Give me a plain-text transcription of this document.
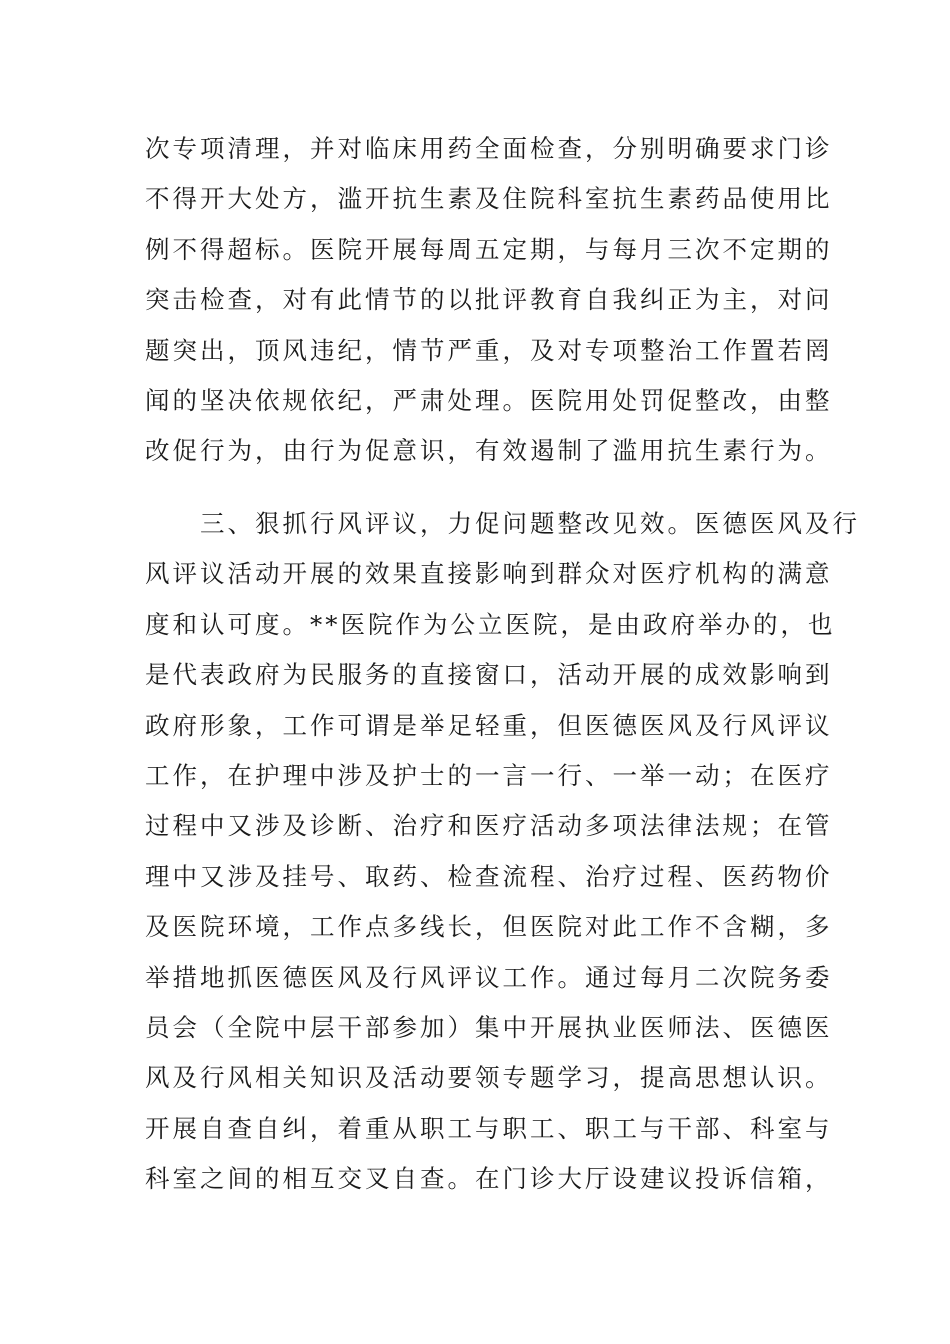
次专项清理，并对临床用药全面检查，分别明确要求门诊
不得开大处方，滥开抗生素及住院科室抗生素药品使用比
例不得超标。医院开展每周五定期，与每月三次不定期的
突击检查，对有此情节的以批评教育自我纠正为主，对问
题突出，顶风违纪，情节严重，及对专项整治工作置若罔
闻的坚决依规依纪，严肃处理。医院用处罚促整改，由整
改促行为，由行为促意识，有效遏制了滥用抗生素行为。
　　三、狠抓行风评议，力促问题整改见效。医德医风及行
风评议活动开展的效果直接影响到群众对医疗机构的满意
度和认可度。**医院作为公立医院，是由政府举办的，也
是代表政府为民服务的直接窗口，活动开展的成效影响到
政府形象，工作可谓是举足轻重，但医德医风及行风评议
工作，在护理中涉及护士的一言一行、一举一动；在医疗
过程中又涉及诊断、治疗和医疗活动多项法律法规；在管
理中又涉及挂号、取药、检查流程、治疗过程、医药物价
及医院环境，工作点多线长，但医院对此工作不含糊，多
举措地抓医德医风及行风评议工作。通过每月二次院务委
员会（全院中层干部参加）集中开展执业医师法、医德医
风及行风相关知识及活动要领专题学习，提高思想认识。
开展自查自纠，着重从职工与职工、职工与干部、科室与
科室之间的相互交叉自查。在门诊大厅设建议投诉信箱，
